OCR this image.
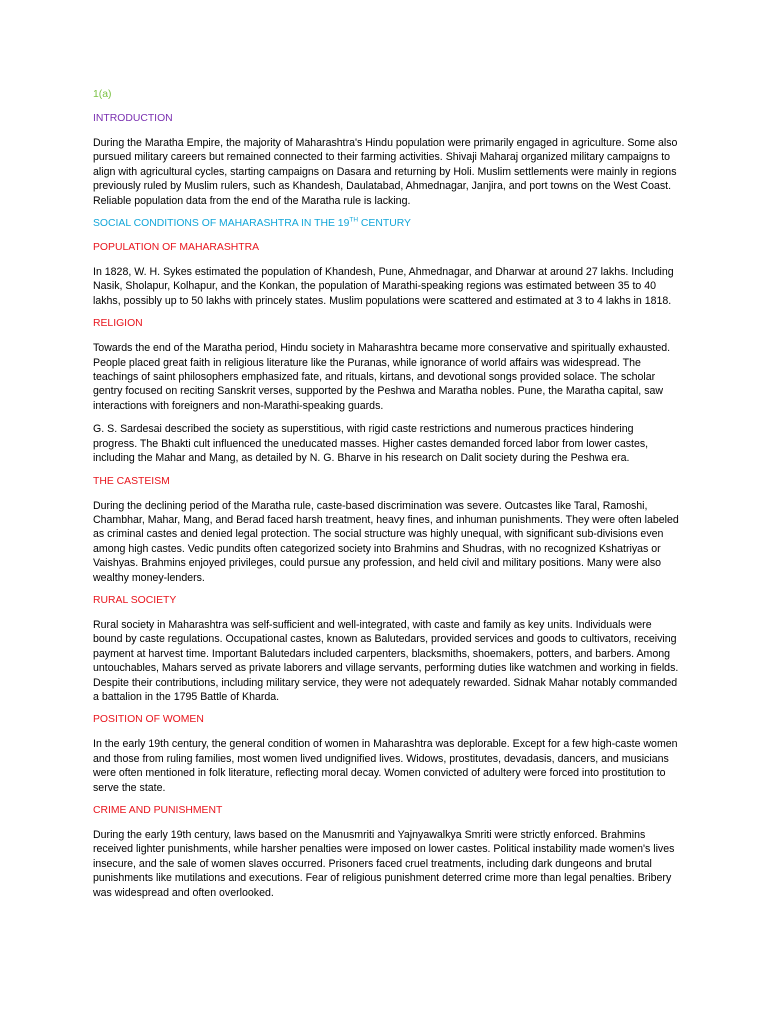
1(a)
INTRODUCTION

During the Maratha Empire, the majority of Maharashtra's Hindu population were primarily engaged in agriculture. Some also pursued military careers but remained connected to their farming activities. Shivaji Maharaj organized military campaigns to align with agricultural cycles, starting campaigns on Dasara and returning by Holi. Muslim settlements were mainly in regions previously ruled by Muslim rulers, such as Khandesh, Daulatabad, Ahmednagar, Janjira, and port towns on the West Coast. Reliable population data from the end of the Maratha rule is lacking.

SOCIAL CONDITIONS OF MAHARASHTRA IN THE 19TH CENTURY
POPULATION OF MAHARASHTRA

In 1828, W. H. Sykes estimated the population of Khandesh, Pune, Ahmednagar, and Dharwar at around 27 lakhs. Including Nasik, Sholapur, Kolhapur, and the Konkan, the population of Marathi-speaking regions was estimated between 35 to 40 lakhs, possibly up to 50 lakhs with princely states. Muslim populations were scattered and estimated at 3 to 4 lakhs in 1818.

RELIGION

Towards the end of the Maratha period, Hindu society in Maharashtra became more conservative and spiritually exhausted. People placed great faith in religious literature like the Puranas, while ignorance of world affairs was widespread. The teachings of saint philosophers emphasized fate, and rituals, kirtans, and devotional songs provided solace. The scholar gentry focused on reciting Sanskrit verses, supported by the Peshwa and Maratha nobles. Pune, the Maratha capital, saw interactions with foreigners and non-Marathi-speaking guards.

G. S. Sardesai described the society as superstitious, with rigid caste restrictions and numerous practices hindering progress. The Bhakti cult influenced the uneducated masses. Higher castes demanded forced labor from lower castes, including the Mahar and Mang, as detailed by N. G. Bharve in his research on Dalit society during the Peshwa era.

THE CASTEISM

During the declining period of the Maratha rule, caste-based discrimination was severe. Outcastes like Taral, Ramoshi, Chambhar, Mahar, Mang, and Berad faced harsh treatment, heavy fines, and inhuman punishments. They were often labeled as criminal castes and denied legal protection. The social structure was highly unequal, with significant sub-divisions even among high castes. Vedic pundits often categorized society into Brahmins and Shudras, with no recognized Kshatriyas or Vaishyas. Brahmins enjoyed privileges, could pursue any profession, and held civil and military positions. Many were also wealthy money-lenders.

RURAL SOCIETY

Rural society in Maharashtra was self-sufficient and well-integrated, with caste and family as key units. Individuals were bound by caste regulations. Occupational castes, known as Balutedars, provided services and goods to cultivators, receiving payment at harvest time. Important Balutedars included carpenters, blacksmiths, shoemakers, potters, and barbers. Among untouchables, Mahars served as private laborers and village servants, performing duties like watchmen and working in fields. Despite their contributions, including military service, they were not adequately rewarded. Sidnak Mahar notably commanded a battalion in the 1795 Battle of Kharda.

POSITION OF WOMEN

In the early 19th century, the general condition of women in Maharashtra was deplorable. Except for a few high-caste women and those from ruling families, most women lived undignified lives. Widows, prostitutes, devadasis, dancers, and musicians were often mentioned in folk literature, reflecting moral decay. Women convicted of adultery were forced into prostitution to serve the state.

CRIME AND PUNISHMENT

During the early 19th century, laws based on the Manusmriti and Yajnyawalkya Smriti were strictly enforced. Brahmins received lighter punishments, while harsher penalties were imposed on lower castes. Political instability made women's lives insecure, and the sale of women slaves occurred. Prisoners faced cruel treatments, including dark dungeons and brutal punishments like mutilations and executions. Fear of religious punishment deterred crime more than legal penalties. Bribery was widespread and often overlooked.
